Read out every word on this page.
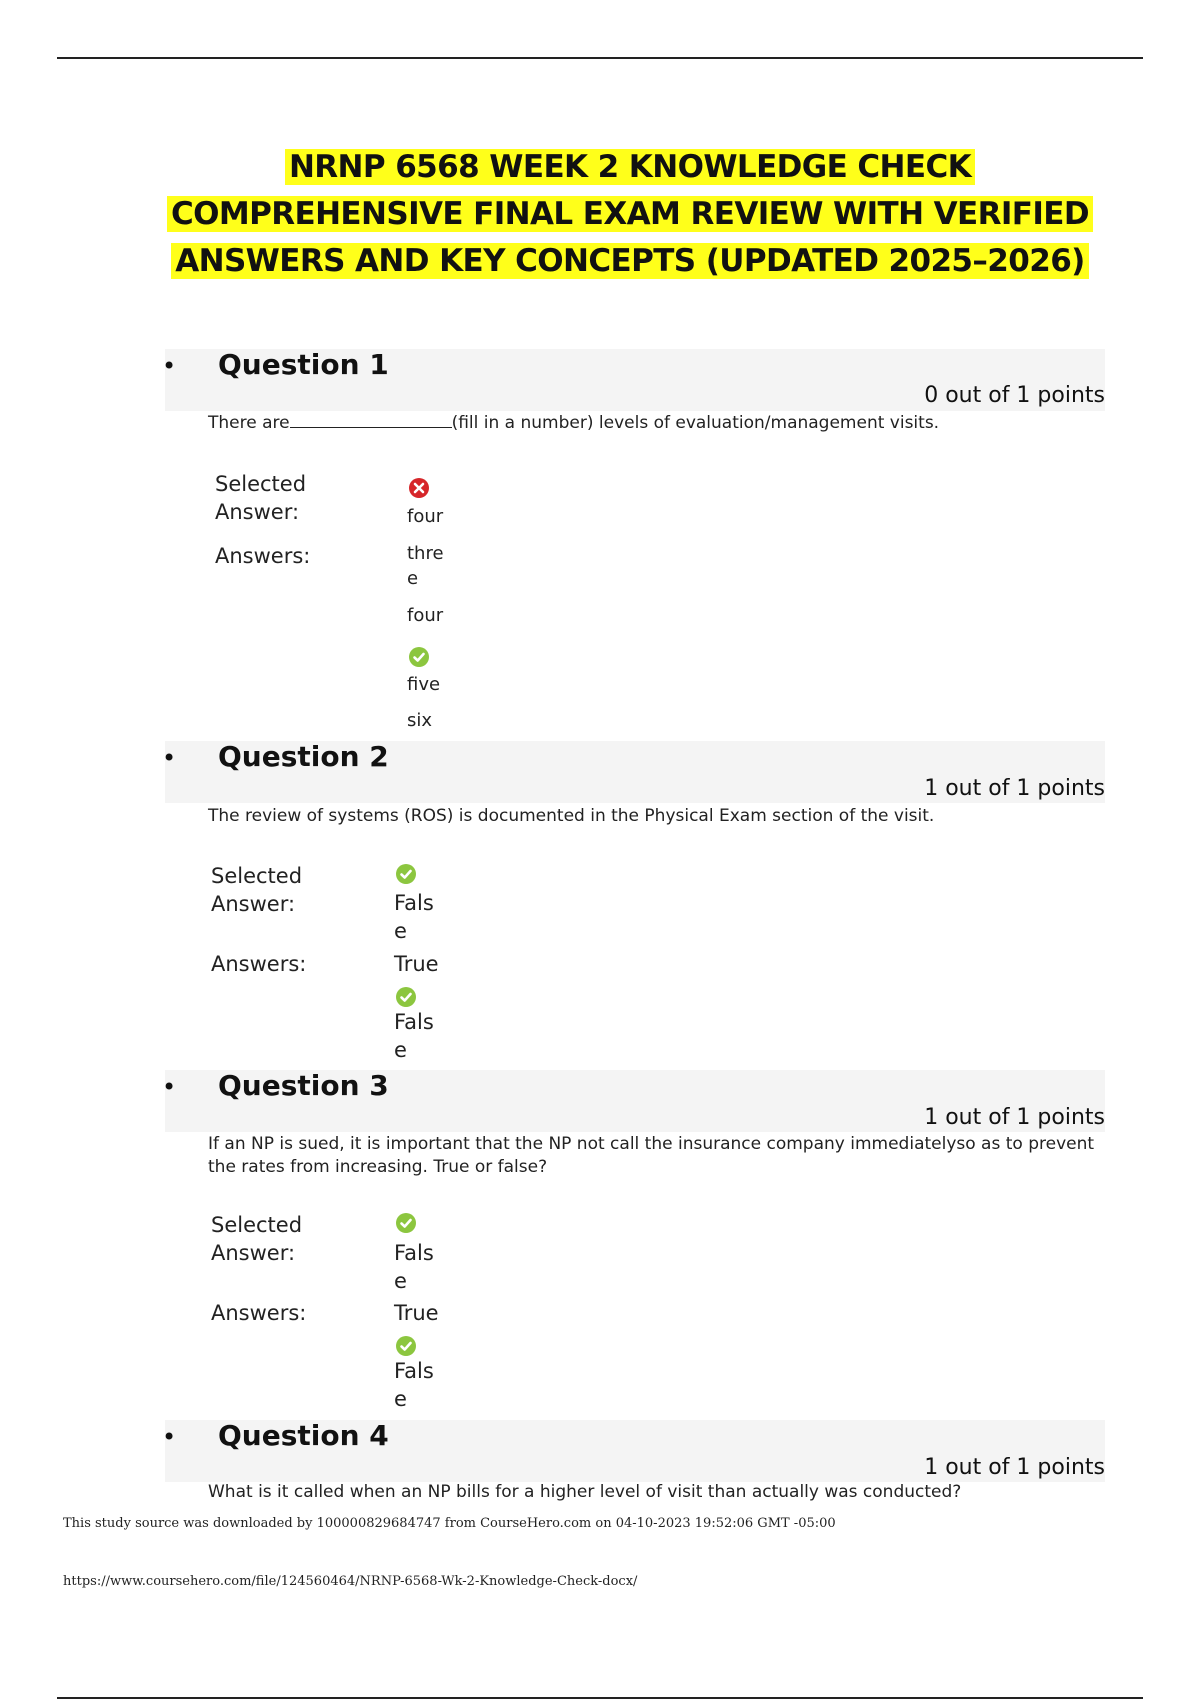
NRNP 6568 WEEK 2 KNOWLEDGE CHECK COMPREHENSIVE FINAL EXAM REVIEW WITH VERIFIED ANSWERS AND KEY CONCEPTS (UPDATED 2025–2026)
• Question 1
0 out of 1 points
There are	(fill in a number) levels of evaluation/management visits.
Selected Answer:	four
Answers:	three
four
five
six
• Question 2
1 out of 1 points
The review of systems (ROS) is documented in the Physical Exam section of the visit.
Selected Answer:	False
Answers:	True
False
• Question 3
1 out of 1 points
If an NP is sued, it is important that the NP not call the insurance company immediatelyso as to prevent the rates from increasing. True or false?
Selected Answer:	False
Answers:	True
False
• Question 4
1 out of 1 points
What is it called when an NP bills for a higher level of visit than actually was conducted?
This study source was downloaded by 100000829684747 from CourseHero.com on 04-10-2023 19:52:06 GMT -05:00
https://www.coursehero.com/file/124560464/NRNP-6568-Wk-2-Knowledge-Check-docx/
